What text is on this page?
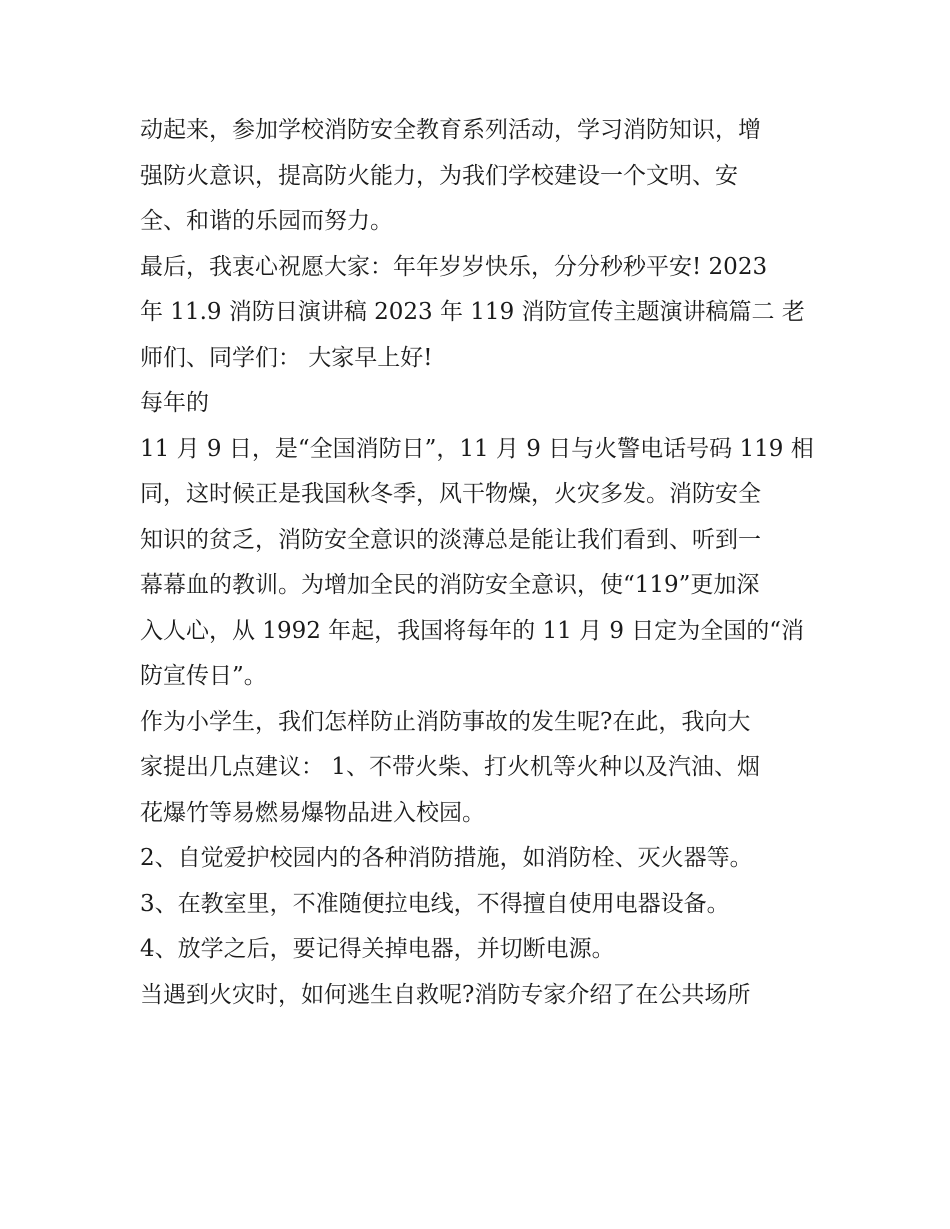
动起来，参加学校消防安全教育系列活动，学习消防知识，增
强防火意识，提高防火能力，为我们学校建设一个文明、安
全、和谐的乐园而努力。
最后，我衷心祝愿大家：年年岁岁快乐，分分秒秒平安! 2023
年 11.9 消防日演讲稿 2023 年 119 消防宣传主题演讲稿篇二 老
师们、同学们： 大家早上好!
每年的
11 月 9 日，是“全国消防日”，11 月 9 日与火警电话号码 119 相
同，这时候正是我国秋冬季，风干物燥，火灾多发。消防安全
知识的贫乏，消防安全意识的淡薄总是能让我们看到、听到一
幕幕血的教训。为增加全民的消防安全意识，使“119”更加深
入人心，从 1992 年起，我国将每年的 11 月 9 日定为全国的“消
防宣传日”。
作为小学生，我们怎样防止消防事故的发生呢?在此，我向大
家提出几点建议： 1、不带火柴、打火机等火种以及汽油、烟
花爆竹等易燃易爆物品进入校园。
2、自觉爱护校园内的各种消防措施，如消防栓、灭火器等。
3、在教室里，不准随便拉电线，不得擅自使用电器设备。
4、放学之后，要记得关掉电器，并切断电源。
当遇到火灾时，如何逃生自救呢?消防专家介绍了在公共场所
